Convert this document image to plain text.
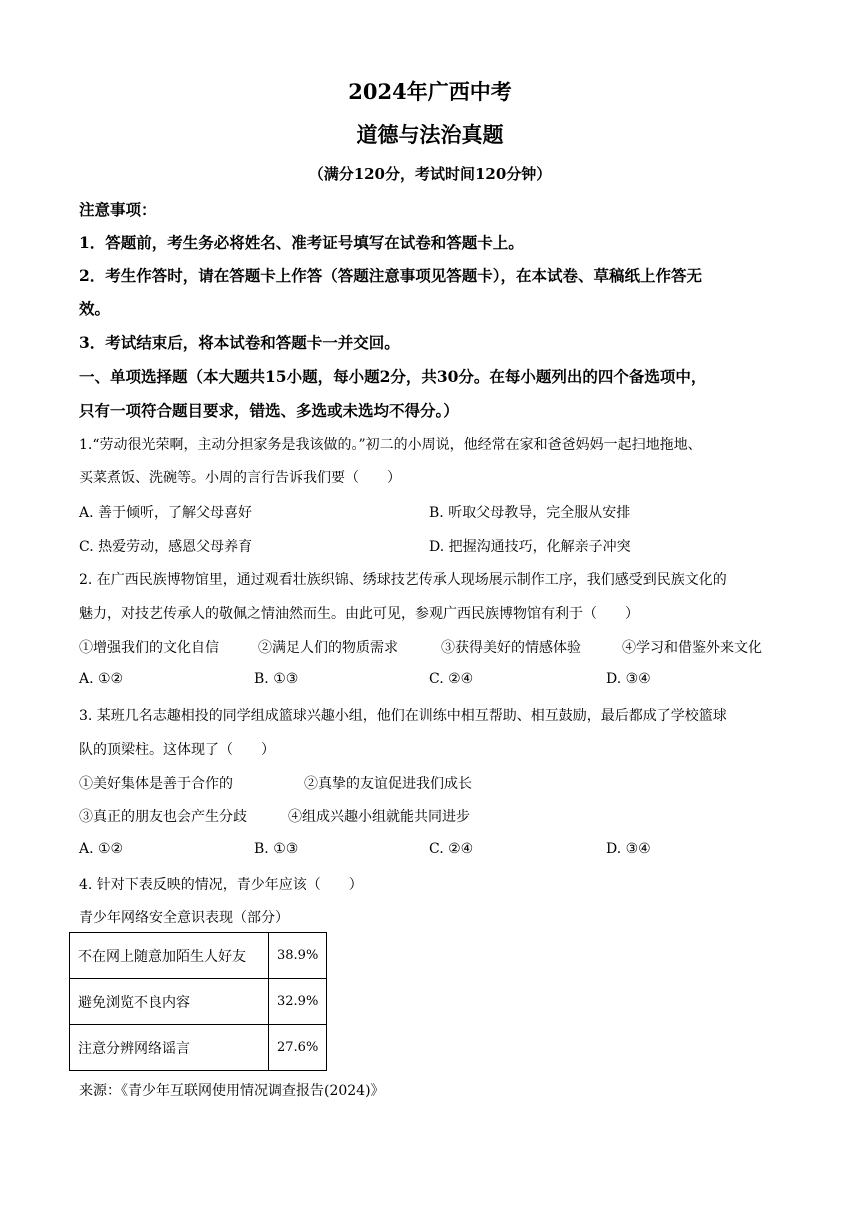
2024年广西中考
道德与法治真题
（满分120分，考试时间120分钟）
注意事项：
1．答题前，考生务必将姓名、准考证号填写在试卷和答题卡上。
2．考生作答时，请在答题卡上作答（答题注意事项见答题卡），在本试卷、草稿纸上作答无
效。
3．考试结束后，将本试卷和答题卡一并交回。
一、单项选择题（本大题共15小题，每小题2分，共30分。在每小题列出的四个备选项中，
只有一项符合题目要求，错选、多选或未选均不得分。）
1.“劳动很光荣啊，主动分担家务是我该做的。”初二的小周说，他经常在家和爸爸妈妈一起扫地拖地、
买菜煮饭、洗碗等。小周的言行告诉我们要（　　）
A. 善于倾听，了解父母喜好	B. 听取父母教导，完全服从安排
C. 热爱劳动，感恩父母养育	D. 把握沟通技巧，化解亲子冲突
2. 在广西民族博物馆里，通过观看壮族织锦、绣球技艺传承人现场展示制作工序，我们感受到民族文化的
魅力，对技艺传承人的敬佩之情油然而生。由此可见，参观广西民族博物馆有利于（　　）
①增强我们的文化自信	②满足人们的物质需求	③获得美好的情感体验	④学习和借鉴外来文化
A. ①②	B. ①③	C. ②④	D. ③④
3. 某班几名志趣相投的同学组成篮球兴趣小组，他们在训练中相互帮助、相互鼓励，最后都成了学校篮球
队的顶梁柱。这体现了（　　）
①美好集体是善于合作的	②真挚的友谊促进我们成长
③真正的朋友也会产生分歧	④组成兴趣小组就能共同进步
A. ①②	B. ①③	C. ②④	D. ③④
4. 针对下表反映的情况，青少年应该（　　）
青少年网络安全意识表现（部分）
不在网上随意加陌生人好友	38.9%
避免浏览不良内容	32.9%
注意分辨网络谣言	27.6%
来源：《青少年互联网使用情况调查报告(2024)》
